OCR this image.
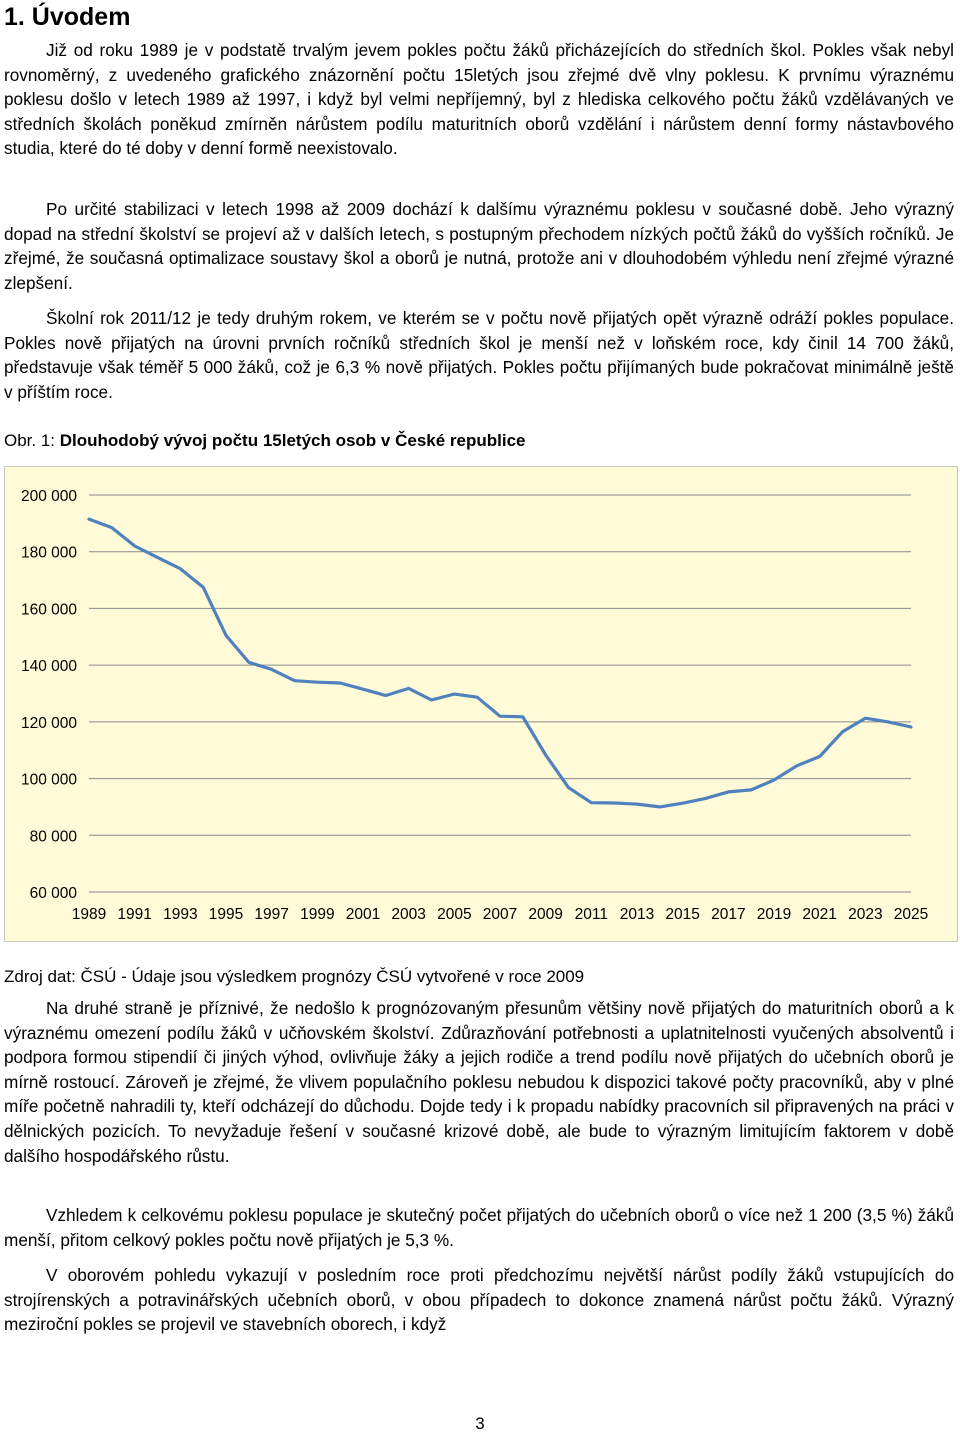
1. Úvodem

Již od roku 1989 je v podstatě trvalým jevem pokles počtu žáků přicházejících do středních škol. Pokles však nebyl rovnoměrný, z uvedeného grafického znázornění počtu 15letých jsou zřejmé dvě vlny poklesu. K prvnímu výraznému poklesu došlo v letech 1989 až 1997, i když byl velmi nepříjemný, byl z hlediska celkového počtu žáků vzdělávaných ve středních školách poněkud zmírněn nárůstem podílu maturitních oborů vzdělání i nárůstem denní formy nástavbového studia, které do té doby v denní formě neexistovalo.

Po určité stabilizaci v letech 1998 až 2009 dochází k dalšímu výraznému poklesu v současné době. Jeho výrazný dopad na střední školství se projeví až v dalších letech, s postupným přechodem nízkých počtů žáků do vyšších ročníků. Je zřejmé, že současná optimalizace soustavy škol a oborů je nutná, protože ani v dlouhodobém výhledu není zřejmé výrazné zlepšení.

Školní rok 2011/12 je tedy druhým rokem, ve kterém se v počtu nově přijatých opět výrazně odráží pokles populace. Pokles nově přijatých na úrovni prvních ročníků středních škol je menší než v loňském roce, kdy činil 14 700 žáků, představuje však téměř 5 000 žáků, což je 6,3 % nově přijatých. Pokles počtu přijímaných bude pokračovat minimálně ještě v příštím roce.

Obr. 1: Dlouhodobý vývoj počtu 15letých osob v České republice

60 000
80 000
100 000
120 000
140 000
160 000
180 000
200 000
1989 1991 1993 1995 1997 1999 2001 2003 2005 2007 2009 2011 2013 2015 2017 2019 2021 2023 2025

Zdroj dat: ČSÚ - Údaje jsou výsledkem prognózy ČSÚ vytvořené v roce 2009

Na druhé straně je příznivé, že nedošlo k prognózovaným přesunům většiny nově přijatých do maturitních oborů a k výraznému omezení podílu žáků v učňovském školství. Zdůrazňování potřebnosti a uplatnitelnosti vyučených absolventů i podpora formou stipendií či jiných výhod, ovlivňuje žáky a jejich rodiče a trend podílu nově přijatých do učebních oborů je mírně rostoucí. Zároveň je zřejmé, že vlivem populačního poklesu nebudou k dispozici takové počty pracovníků, aby v plné míře početně nahradili ty, kteří odcházejí do důchodu. Dojde tedy i k propadu nabídky pracovních sil připravených na práci v dělnických pozicích. To nevyžaduje řešení v současné krizové době, ale bude to výrazným limitujícím faktorem v době dalšího hospodářského růstu.

Vzhledem k celkovému poklesu populace je skutečný počet přijatých do učebních oborů o více než 1 200 (3,5 %) žáků menší, přitom celkový pokles počtu nově přijatých je 5,3 %.

V oborovém pohledu vykazují v posledním roce proti předchozímu největší nárůst podíly žáků vstupujících do strojírenských a potravinářských učebních oborů, v obou případech to dokonce znamená nárůst počtu žáků. Výrazný meziroční pokles se projevil ve stavebních oborech, i když

3
